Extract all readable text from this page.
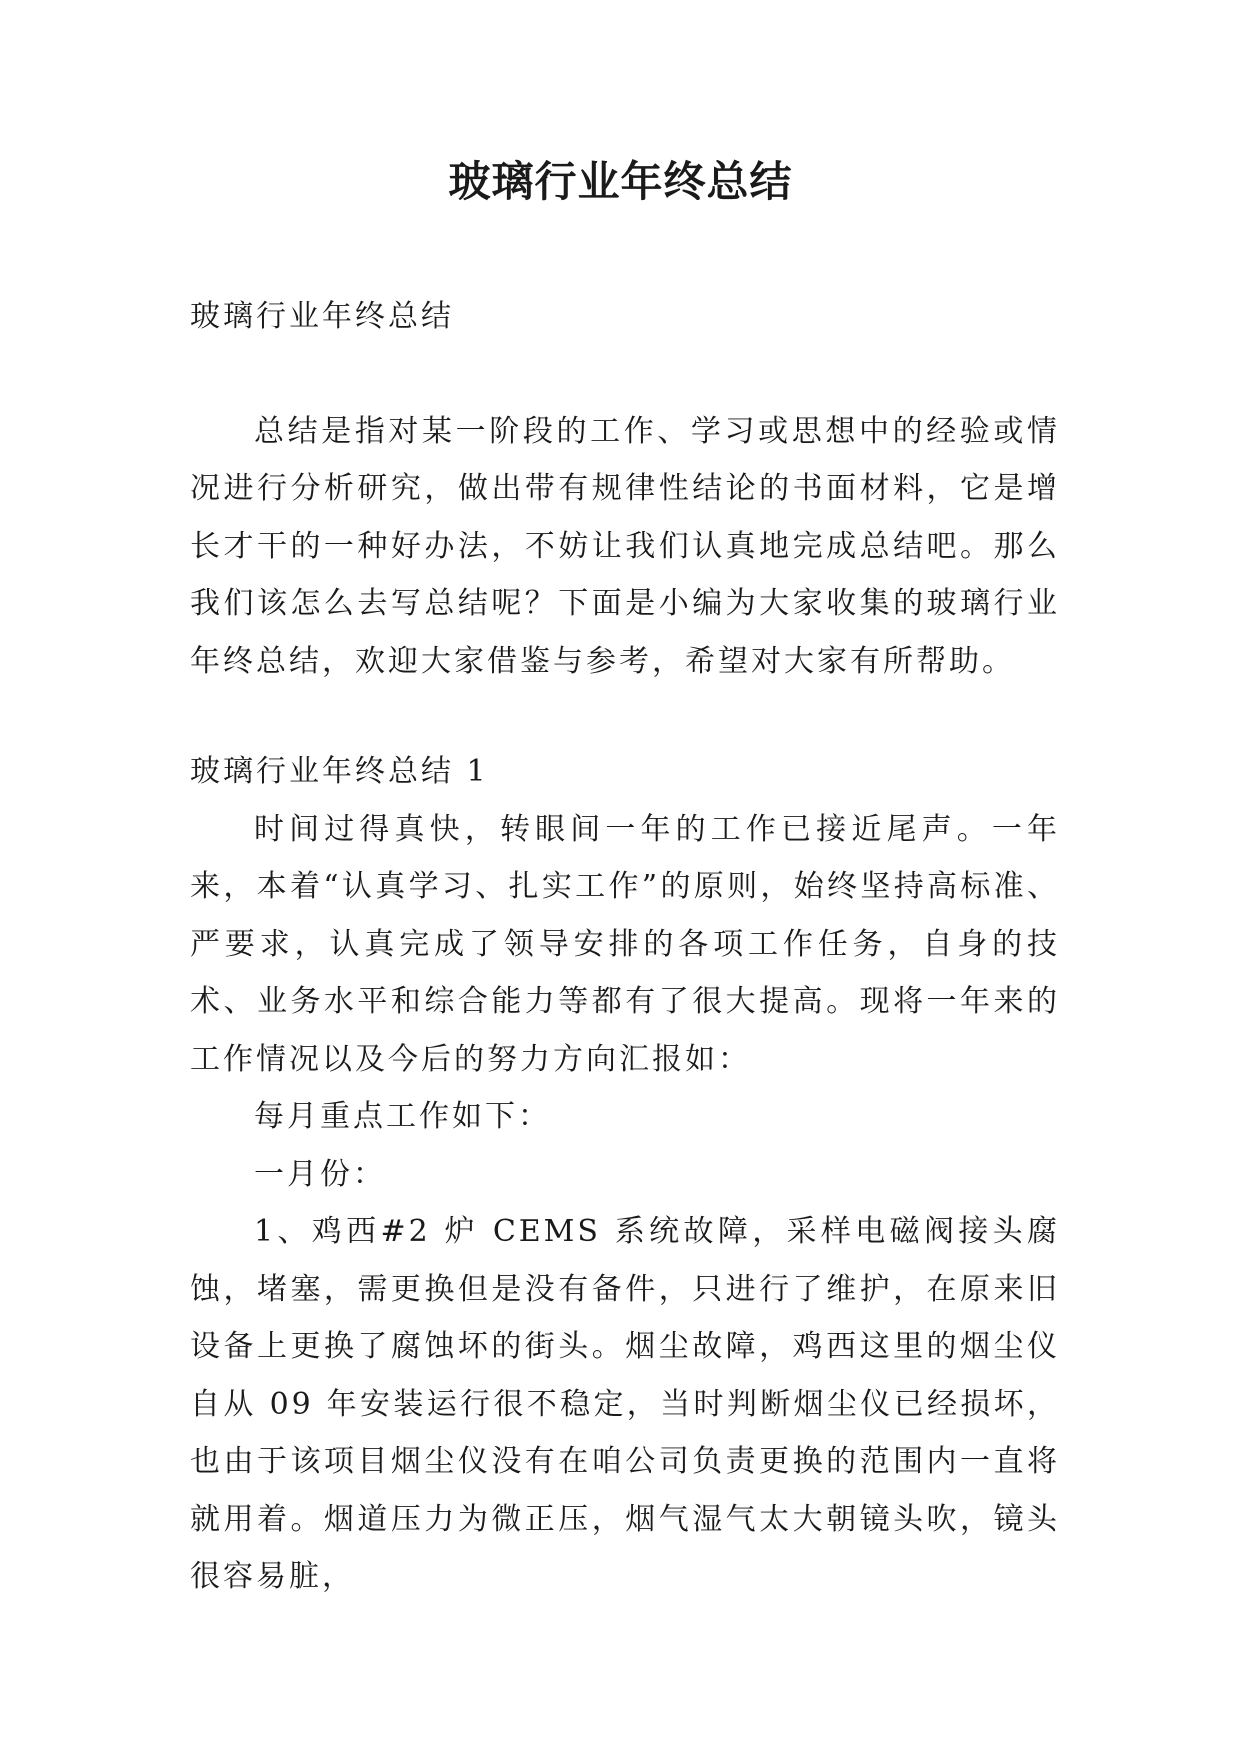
玻璃行业年终总结

玻璃行业年终总结

总结是指对某一阶段的工作、学习或思想中的经验或情况进行分析研究，做出带有规律性结论的书面材料，它是增长才干的一种好办法，不妨让我们认真地完成总结吧。那么我们该怎么去写总结呢？下面是小编为大家收集的玻璃行业年终总结，欢迎大家借鉴与参考，希望对大家有所帮助。

玻璃行业年终总结 1

时间过得真快，转眼间一年的工作已接近尾声。一年来，本着“认真学习、扎实工作”的原则，始终坚持高标准、严要求，认真完成了领导安排的各项工作任务，自身的技术、业务水平和综合能力等都有了很大提高。现将一年来的工作情况以及今后的努力方向汇报如：

每月重点工作如下：

一月份：

1、鸡西#2 炉 CEMS 系统故障，采样电磁阀接头腐蚀，堵塞，需更换但是没有备件，只进行了维护，在原来旧设备上更换了腐蚀坏的街头。烟尘故障，鸡西这里的烟尘仪自从 09 年安装运行很不稳定，当时判断烟尘仪已经损坏，也由于该项目烟尘仪没有在咱公司负责更换的范围内一直将就用着。烟道压力为微正压，烟气湿气太大朝镜头吹，镜头很容易脏，
